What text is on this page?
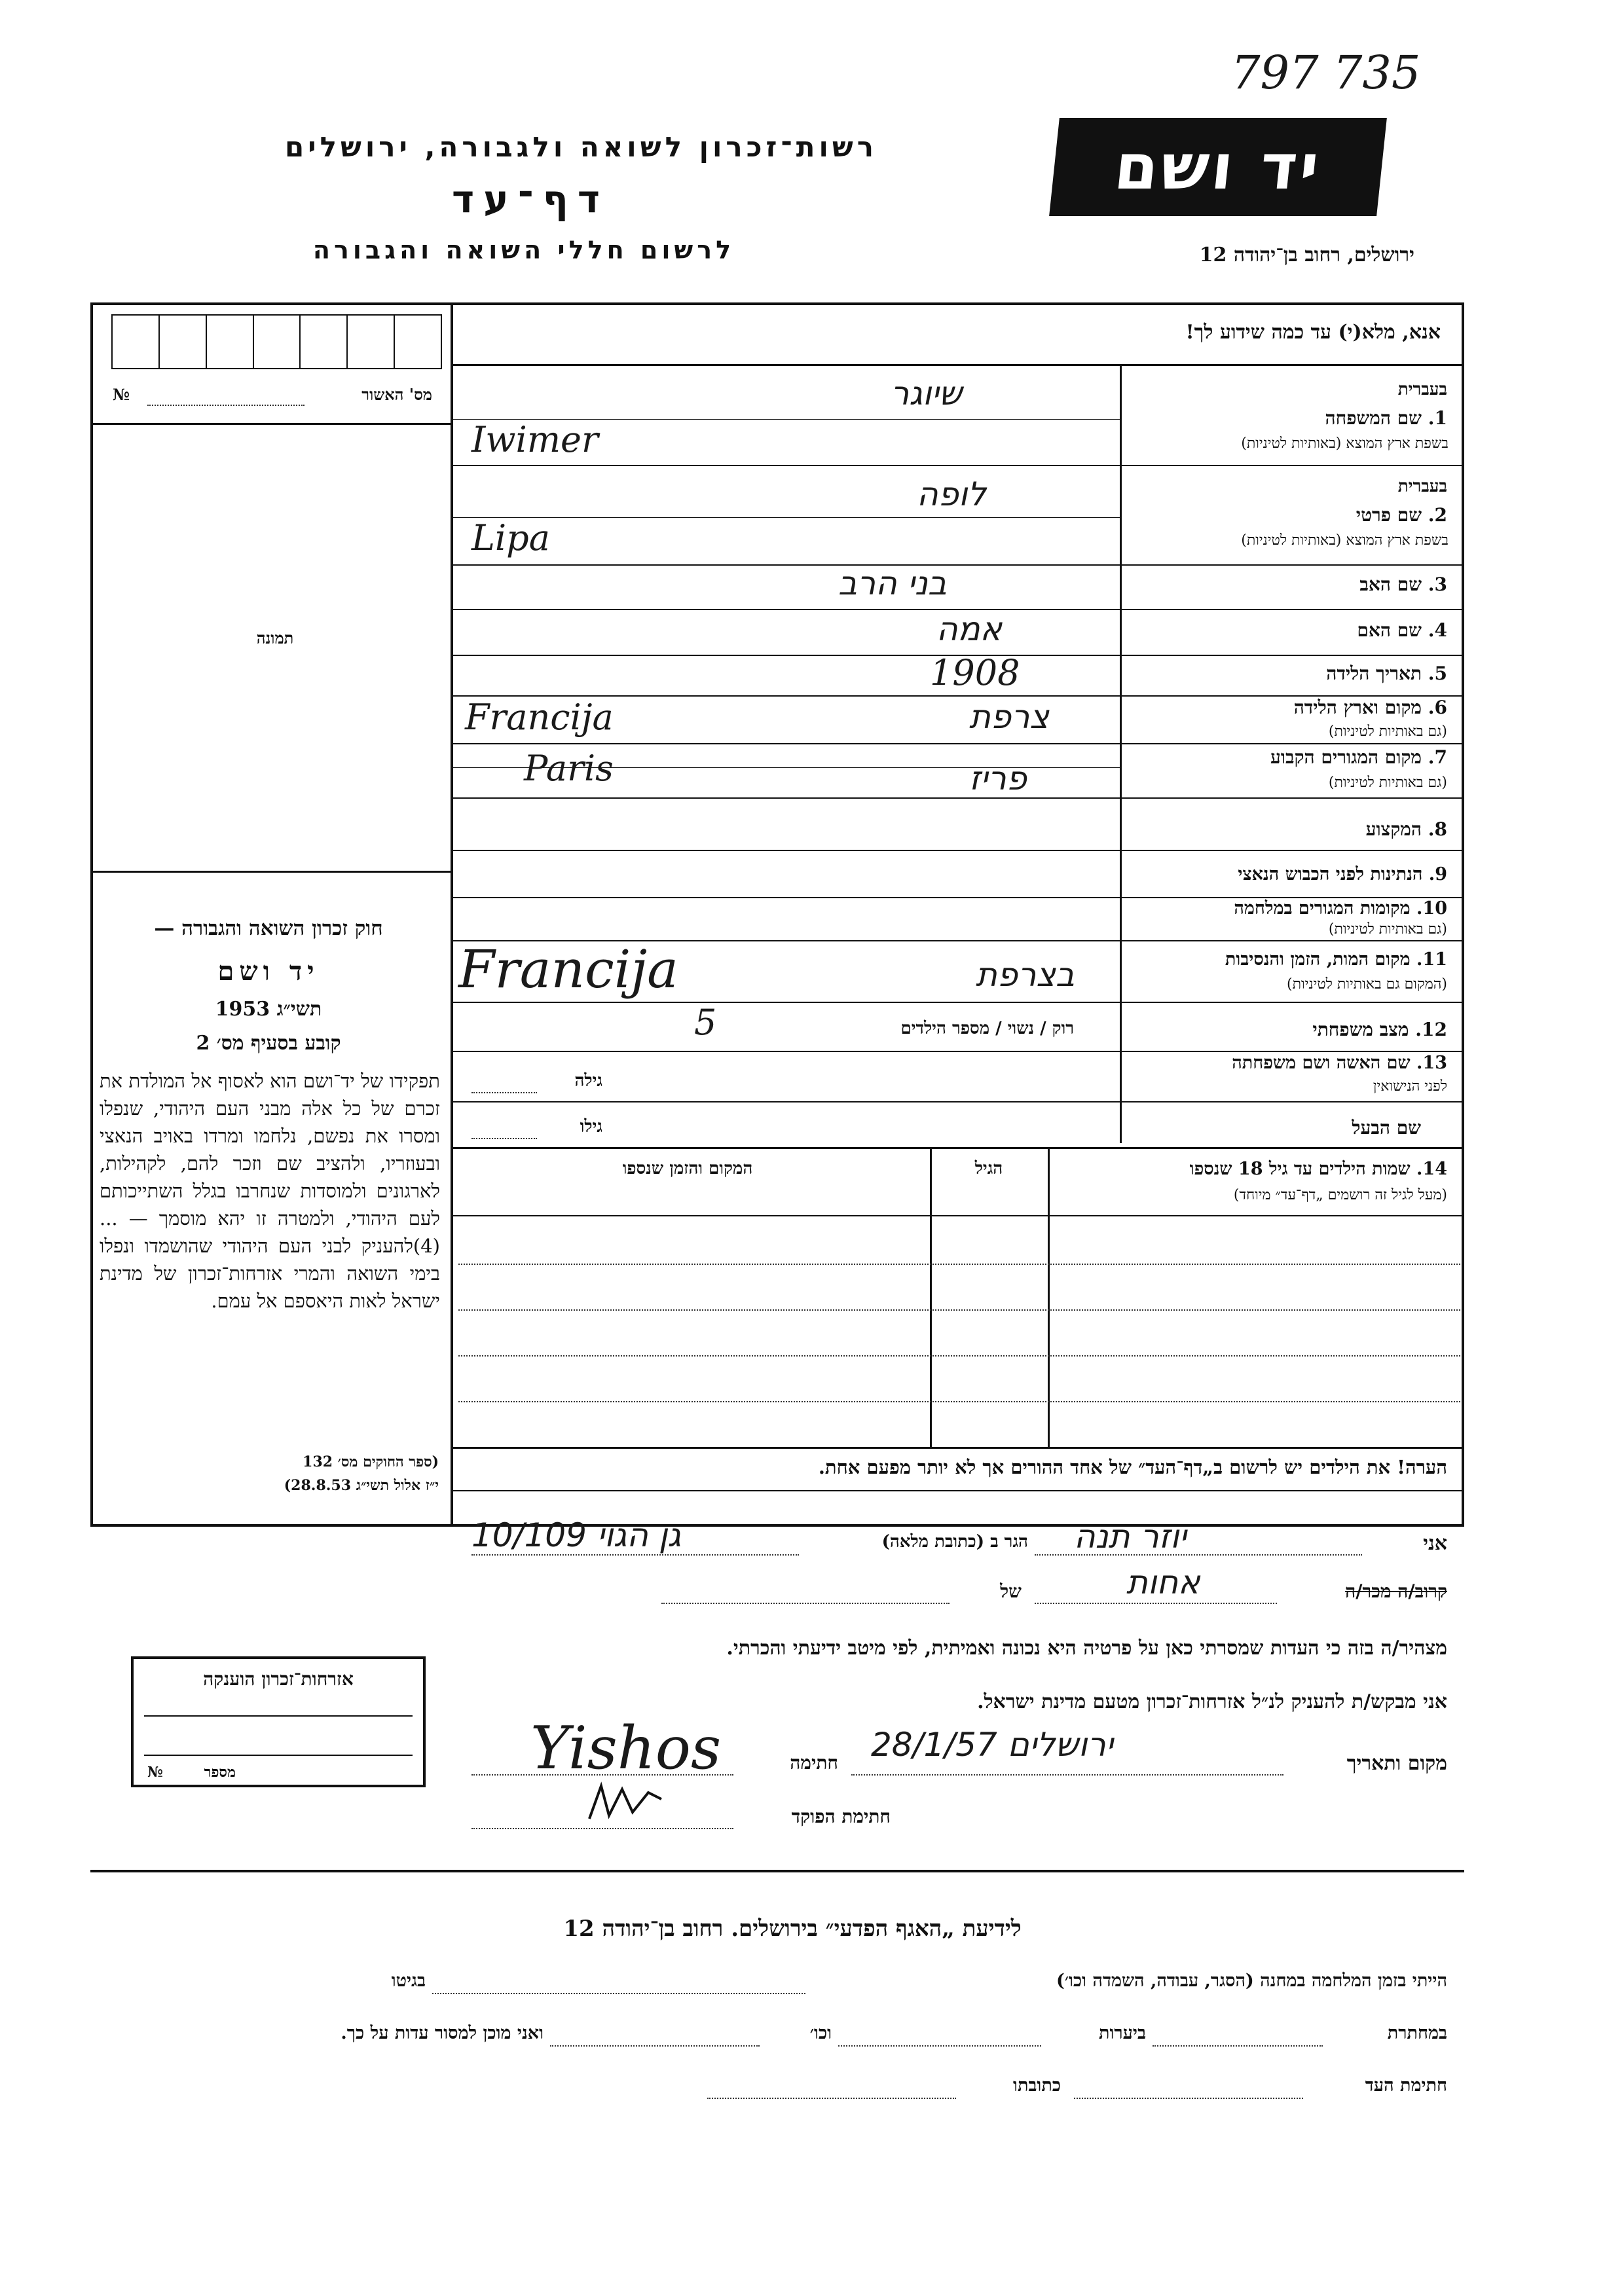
797 735
רשות־זכרון לשואה ולגבורה, ירושלים
דף־עד
לרשום חללי השואה והגבורה
יד ושם
ירושלים, רחוב בן־יהודה 12
אנא, מלא(י) עד כמה שידוע לך!
מס' האשור
№
תמונה
חוק זכרון השואה והגבורה —
יד ושם
תשי״ג 1953
קובע בסעיף מס׳ 2
תפקידו של יד־ושם הוא לאסוף אל המולדת את זכרם של כל אלה מבני העם היהודי, שנפלו ומסרו את נפשם, נלחמו ומרדו באויב הנאצי ובעוזריו, ולהציב שם וזכר להם, לקהילות, לארגונים ולמוסדות שנחרבו בגלל השתייכותם לעם היהודי, ולמטרה זו יהא מוסמך — ...(4)להעניק לבני העם היהודי שהושמדו ונפלו בימי השואה והמרי אזרחות־זכרון של מדינת ישראל לאות היאספם אל עמם.
(ספר החוקים מס׳ 132
י״ז אלול תשי״ג 28.8.53)
בעברית
1. שם המשפחה
בשפת ארץ המוצא (באותיות לטיניות)
שיוגר
Iwimer
בעברית
2. שם פרטי
בשפת ארץ המוצא (באותיות לטיניות)
לופה
Lipa
3. שם האב
בני הרב
4. שם האם
אמה
5. תאריך הלידה
1908
6. מקום וארץ הלידה
(גם באותיות לטיניות)
צרפת
Francija
7. מקום המגורים הקבוע
(גם באותיות לטיניות)
פריז
Paris
8. המקצוע
9. הנתינות לפני הכבוש הנאצי
10. מקומות המגורים במלחמה
(גם באותיות לטיניות)
11. מקום המות, הזמן והנסיבות
(המקום גם באותיות לטיניות)
בצרפת
Francija
12. מצב משפחתי
רוק / נשוי / מספר הילדים
5
13. שם האשה ושם משפחתה
לפני הנישואין
גילה
שם הבעל
גילו
14. שמות הילדים עד גיל 18 שנספו
(מעל לגיל זה רושמים „דף־עד״ מיוחד)
הגיל
המקום והזמן שנספו
הערה! את הילדים יש לרשום ב„דף־העד״ של אחד ההורים אך לא יותר מפעם אחת.
אני
יוזר תנה
הגר ב (כתובת מלאה)
גן הגוי 10/109
קרוב/ה מכר/ה
אחות
של
מצהיר/ה בזה כי העדות שמסרתי כאן על פרטיה היא נכונה ואמיתית, לפי מיטב ידיעתי והכרתי.
אני מבקש/ת להעניק לנ״ל אזרחות־זכרון מטעם מדינת ישראל.
מקום ותאריך
ירושלים 28/1/57
חתימה
Yishos
חתימת הפוקד
אזרחות־זכרון הוענקה
מספר
№
לידיעת „האגף הפדעי״ בירושלים. רחוב בן־יהודה 12
הייתי בזמן המלחמה במחנה (הסגר, עבודה, השמדה וכו׳)
בגיטו
במחתרת
ביערות
וכו׳
ואני מוכן למסור עדות על כך.
חתימת העד
כתובתו
